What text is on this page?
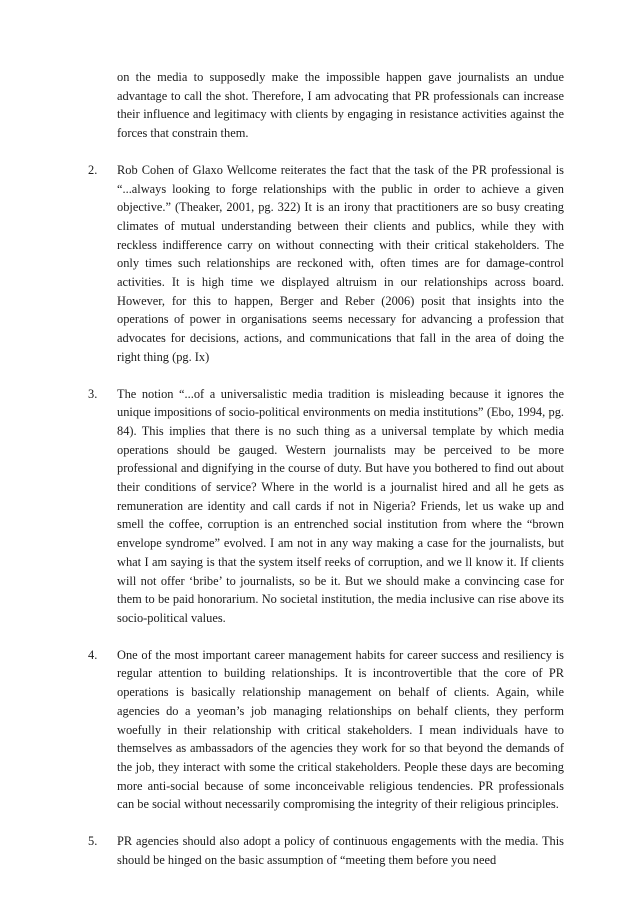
on the media to supposedly make the impossible happen gave journalists an undue advantage to call the shot. Therefore, I am advocating that PR professionals can increase their influence and legitimacy with clients by engaging in resistance activities against the forces that constrain them.

2. Rob Cohen of Glaxo Wellcome reiterates the fact that the task of the PR professional is “...always looking to forge relationships with the public in order to achieve a given objective.” (Theaker, 2001, pg. 322) It is an irony that practitioners are so busy creating climates of mutual understanding between their clients and publics, while they with reckless indifference carry on without connecting with their critical stakeholders. The only times such relationships are reckoned with, often times are for damage-control activities. It is high time we displayed altruism in our relationships across board. However, for this to happen, Berger and Reber (2006) posit that insights into the operations of power in organisations seems necessary for advancing a profession that advocates for decisions, actions, and communications that fall in the area of doing the right thing (pg. Ix)

3. The notion “...of a universalistic media tradition is misleading because it ignores the unique impositions of socio-political environments on media institutions” (Ebo, 1994, pg. 84). This implies that there is no such thing as a universal template by which media operations should be gauged. Western journalists may be perceived to be more professional and dignifying in the course of duty. But have you bothered to find out about their conditions of service? Where in the world is a journalist hired and all he gets as remuneration are identity and call cards if not in Nigeria? Friends, let us wake up and smell the coffee, corruption is an entrenched social institution from where the “brown envelope syndrome” evolved. I am not in any way making a case for the journalists, but what I am saying is that the system itself reeks of corruption, and we ll know it. If clients will not offer ‘bribe’ to journalists, so be it. But we should make a convincing case for them to be paid honorarium. No societal institution, the media inclusive can rise above its socio-political values.

4. One of the most important career management habits for career success and resiliency is regular attention to building relationships. It is incontrovertible that the core of PR operations is basically relationship management on behalf of clients. Again, while agencies do a yeoman’s job managing relationships on behalf clients, they perform woefully in their relationship with critical stakeholders. I mean individuals have to themselves as ambassadors of the agencies they work for so that beyond the demands of the job, they interact with some the critical stakeholders. People these days are becoming more anti-social because of some inconceivable religious tendencies. PR professionals can be social without necessarily compromising the integrity of their religious principles.

5. PR agencies should also adopt a policy of continuous engagements with the media. This should be hinged on the basic assumption of “meeting them before you need
